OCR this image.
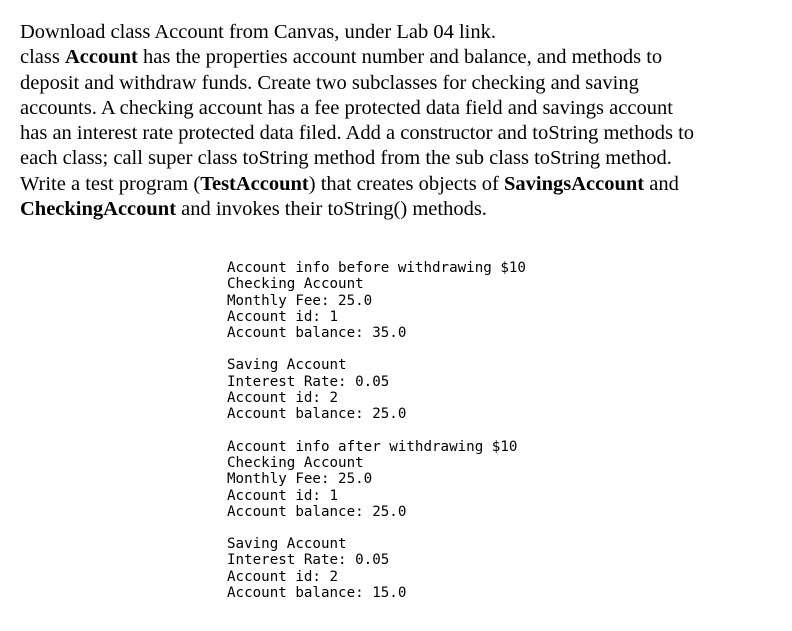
Download class Account from Canvas, under Lab 04 link.
class Account has the properties account number and balance, and methods to
deposit and withdraw funds. Create two subclasses for checking and saving
accounts. A checking account has a fee protected data field and savings account
has an interest rate protected data filed. Add a constructor and toString methods to
each class; call super class toString method from the sub class toString method.
Write a test program (TestAccount) that creates objects of SavingsAccount and
CheckingAccount and invokes their toString() methods.
Account info before withdrawing $10
Checking Account
Monthly Fee: 25.0
Account id: 1
Account balance: 35.0
Saving Account
Interest Rate: 0.05
Account id: 2
Account balance: 25.0
Account info after withdrawing $10
Checking Account
Monthly Fee: 25.0
Account id: 1
Account balance: 25.0
Saving Account
Interest Rate: 0.05
Account id: 2
Account balance: 15.0
